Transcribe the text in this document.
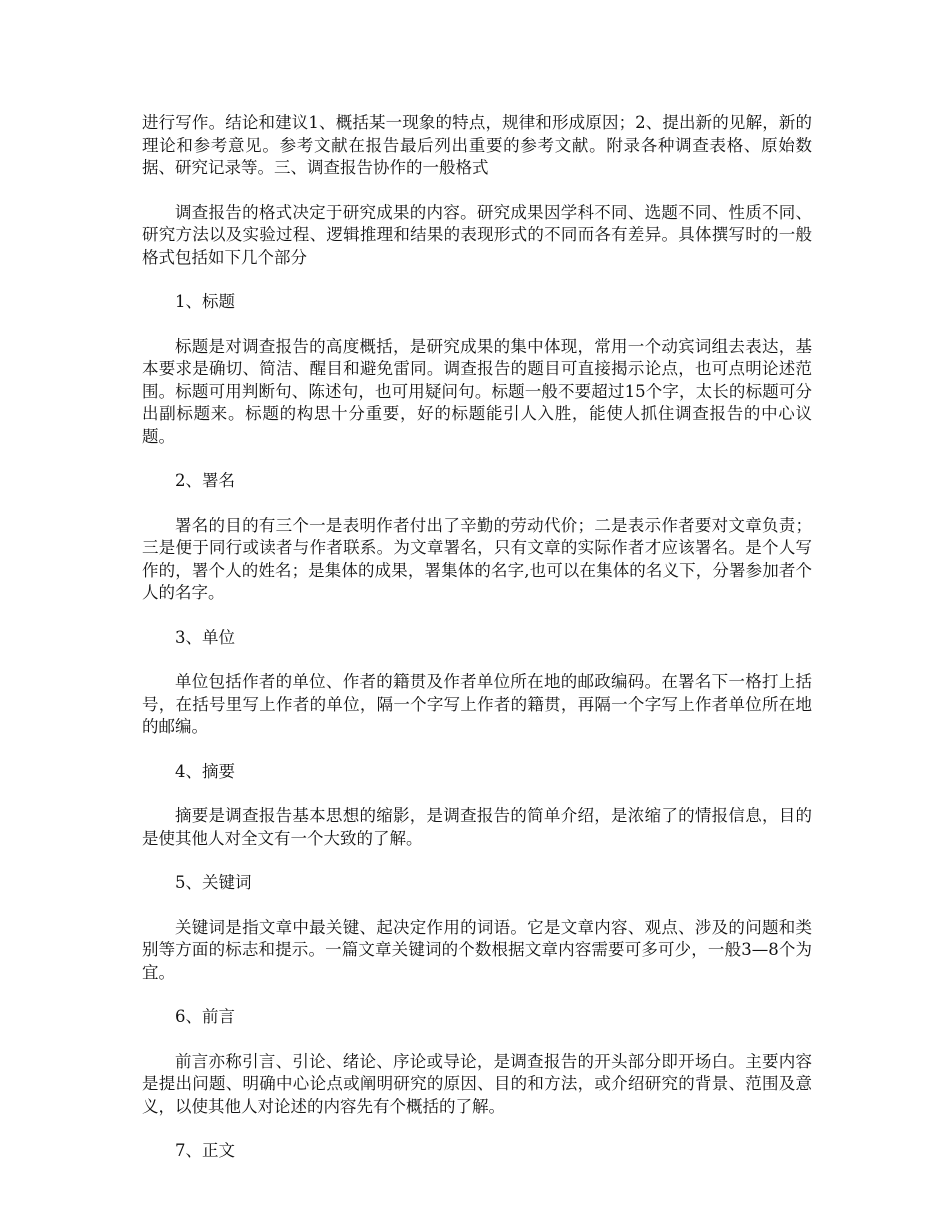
进行写作。结论和建议1、概括某一现象的特点，规律和形成原因；2、提出新的见解，新的理论和参考意见。参考文献在报告最后列出重要的参考文献。附录各种调查表格、原始数据、研究记录等。三、调查报告协作的一般格式

调查报告的格式决定于研究成果的内容。研究成果因学科不同、选题不同、性质不同、研究方法以及实验过程、逻辑推理和结果的表现形式的不同而各有差异。具体撰写时的一般格式包括如下几个部分

1、标题

标题是对调查报告的高度概括，是研究成果的集中体现，常用一个动宾词组去表达，基本要求是确切、简洁、醒目和避免雷同。调查报告的题目可直接揭示论点，也可点明论述范围。标题可用判断句、陈述句，也可用疑问句。标题一般不要超过15个字，太长的标题可分出副标题来。标题的构思十分重要，好的标题能引人入胜，能使人抓住调查报告的中心议题。

2、署名

署名的目的有三个一是表明作者付出了辛勤的劳动代价；二是表示作者要对文章负责；三是便于同行或读者与作者联系。为文章署名，只有文章的实际作者才应该署名。是个人写作的，署个人的姓名；是集体的成果，署集体的名字,也可以在集体的名义下，分署参加者个人的名字。

3、单位

单位包括作者的单位、作者的籍贯及作者单位所在地的邮政编码。在署名下一格打上括号，在括号里写上作者的单位，隔一个字写上作者的籍贯，再隔一个字写上作者单位所在地的邮编。

4、摘要

摘要是调查报告基本思想的缩影，是调查报告的简单介绍，是浓缩了的情报信息，目的是使其他人对全文有一个大致的了解。

5、关键词

关键词是指文章中最关键、起决定作用的词语。它是文章内容、观点、涉及的问题和类别等方面的标志和提示。一篇文章关键词的个数根据文章内容需要可多可少，一般3—8个为宜。

6、前言

前言亦称引言、引论、绪论、序论或导论，是调查报告的开头部分即开场白。主要内容是提出问题、明确中心论点或阐明研究的原因、目的和方法，或介绍研究的背景、范围及意义，以使其他人对论述的内容先有个概括的了解。

7、正文
